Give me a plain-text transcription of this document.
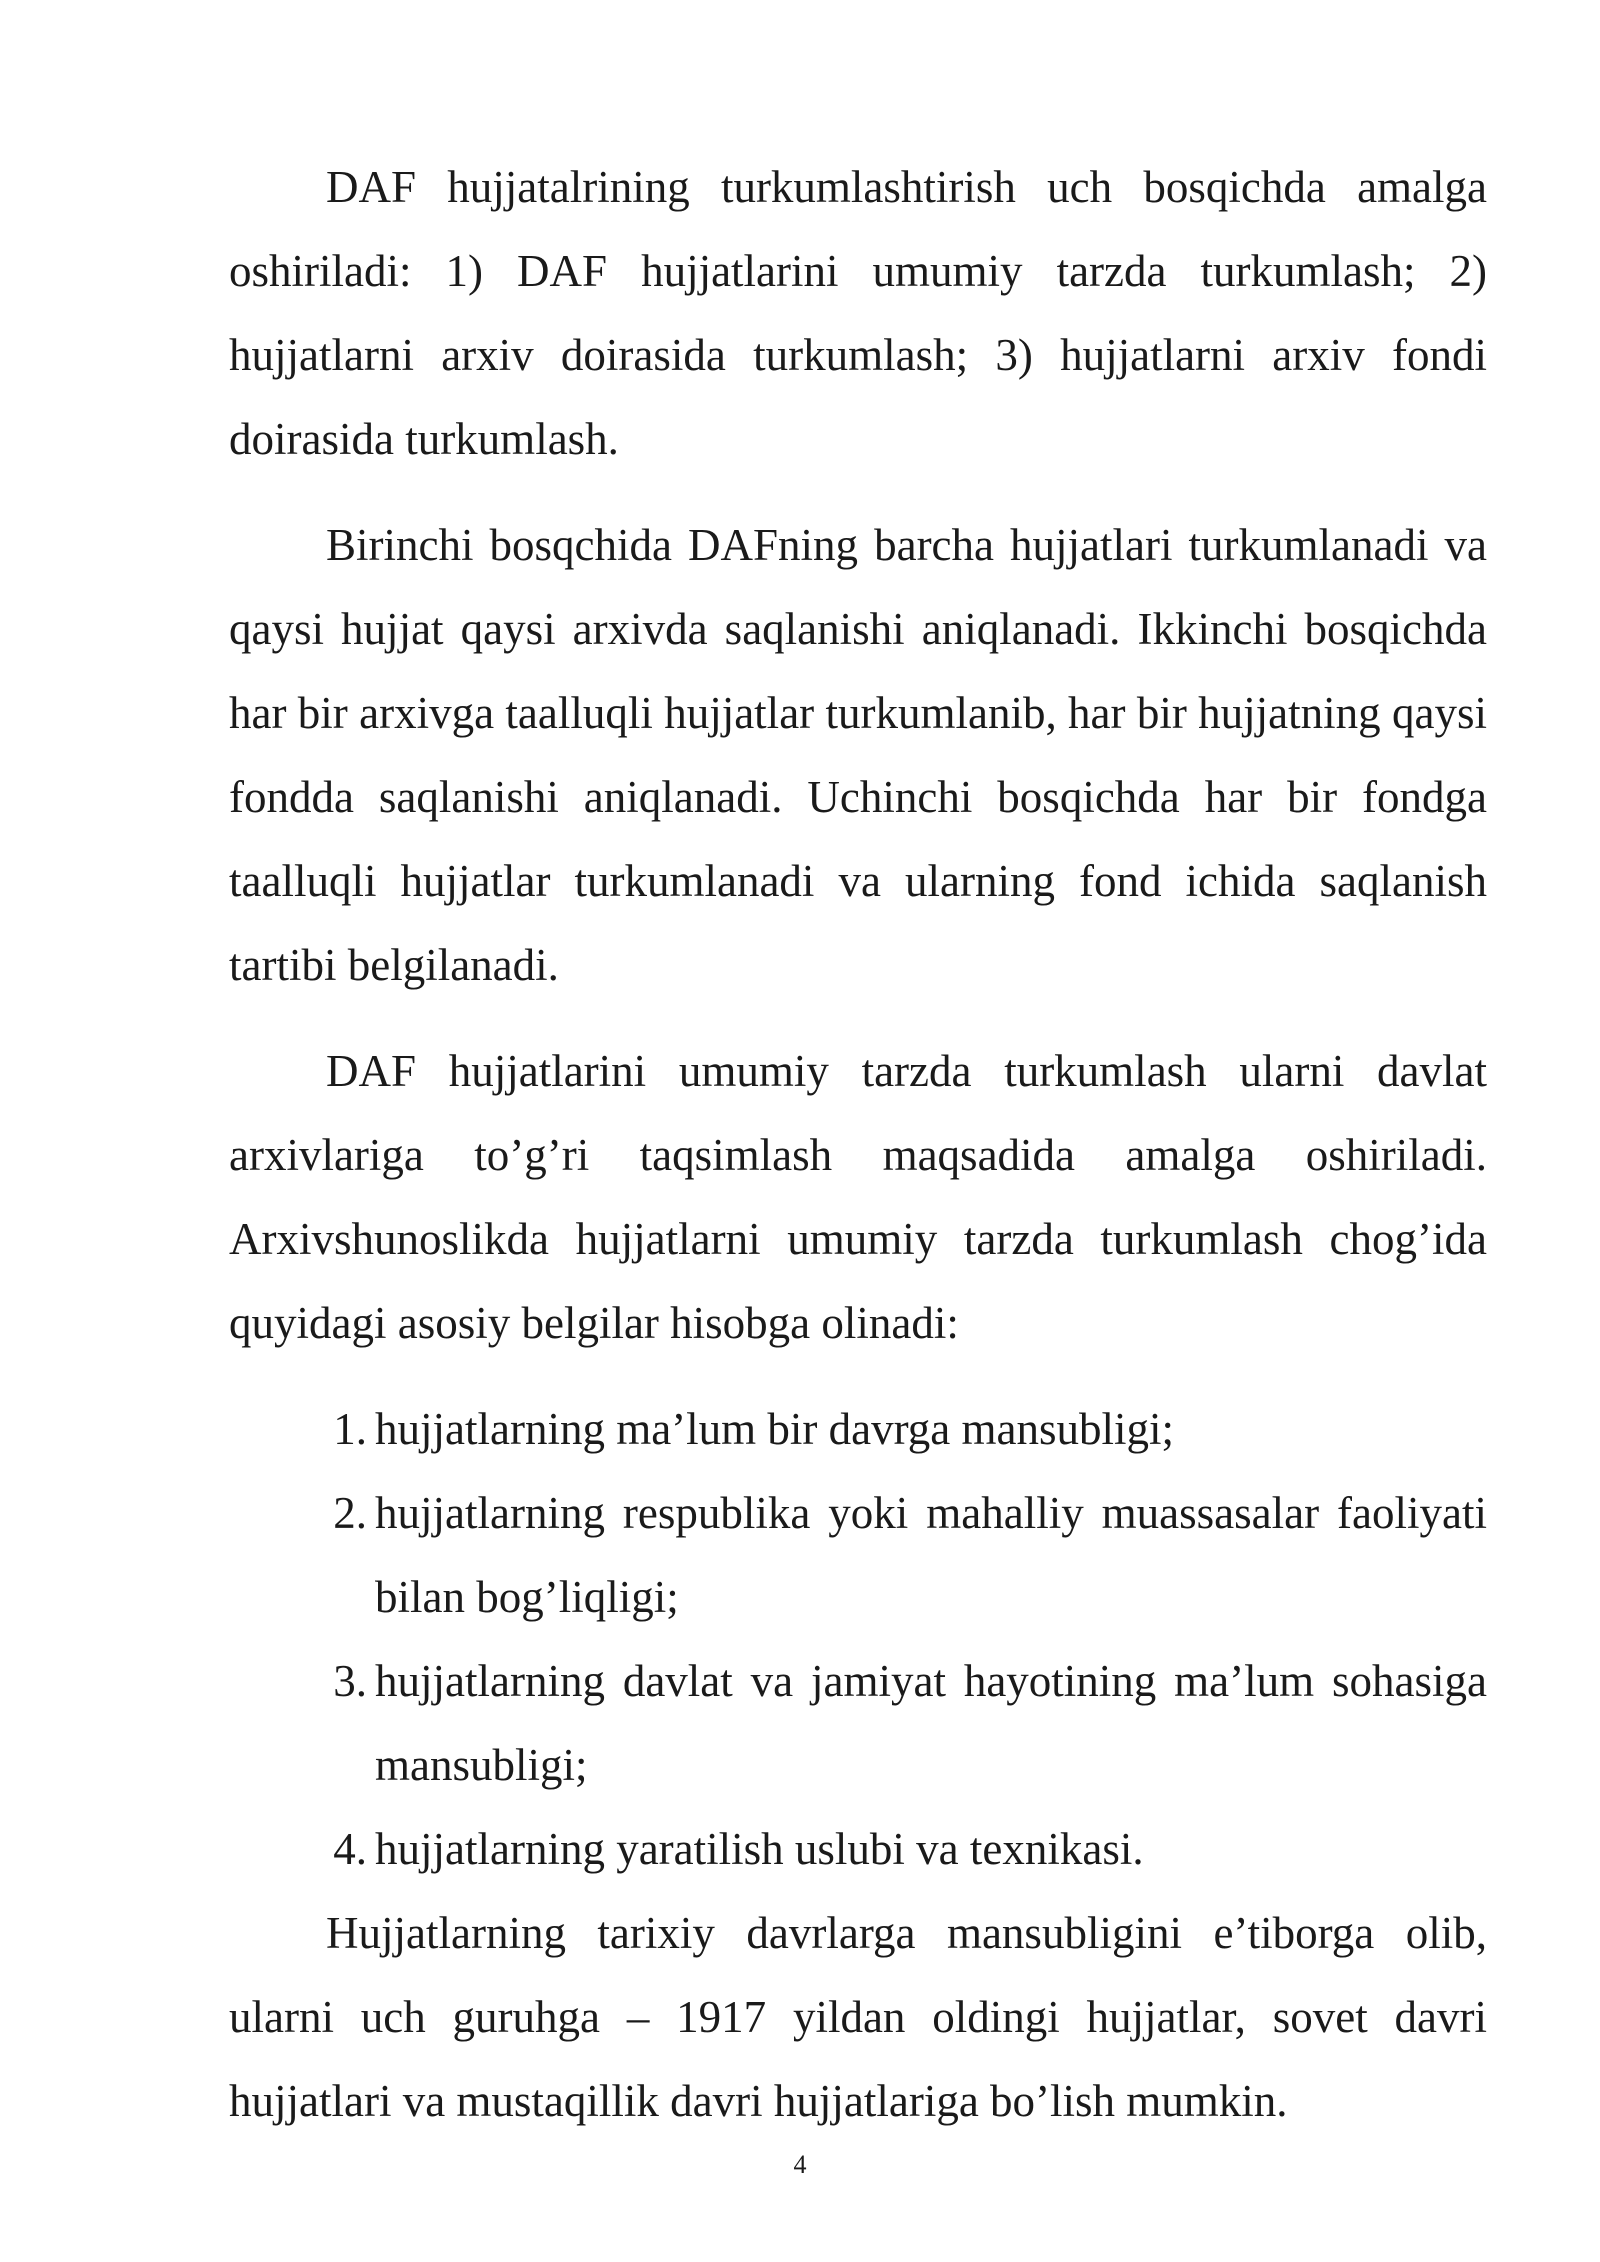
DAF hujjatalrining turkumlashtirish uch bosqichda amalga oshiriladi: 1) DAF hujjatlarini umumiy tarzda turkumlash; 2) hujjatlarni arxiv doirasida turkumlash; 3) hujjatlarni arxiv fondi doirasida turkumlash.

Birinchi bosqchida DAFning barcha hujjatlari turkumlanadi va qaysi hujjat qaysi arxivda saqlanishi aniqlanadi. Ikkinchi bosqichda har bir arxivga taalluqli hujjatlar turkumlanib, har bir hujjatning qaysi fondda saqlanishi aniqlanadi. Uchinchi bosqichda har bir fondga taalluqli hujjatlar turkumlanadi va ularning fond ichida saqlanish tartibi belgilanadi.

DAF hujjatlarini umumiy tarzda turkumlash ularni davlat arxivlariga to’g’ri taqsimlash maqsadida amalga oshiriladi. Arxivshunoslikda hujjatlarni umumiy tarzda turkumlash chog’ida quyidagi asosiy belgilar hisobga olinadi:

1. hujjatlarning ma’lum bir davrga mansubligi;
2. hujjatlarning respublika yoki mahalliy muassasalar faoliyati bilan bog’liqligi;
3. hujjatlarning davlat va jamiyat hayotining ma’lum sohasiga mansubligi;
4. hujjatlarning yaratilish uslubi va texnikasi.

Hujjatlarning tarixiy davrlarga mansubligini e’tiborga olib, ularni uch guruhga – 1917 yildan oldingi hujjatlar, sovet davri hujjatlari va mustaqillik davri hujjatlariga bo’lish mumkin.

4
